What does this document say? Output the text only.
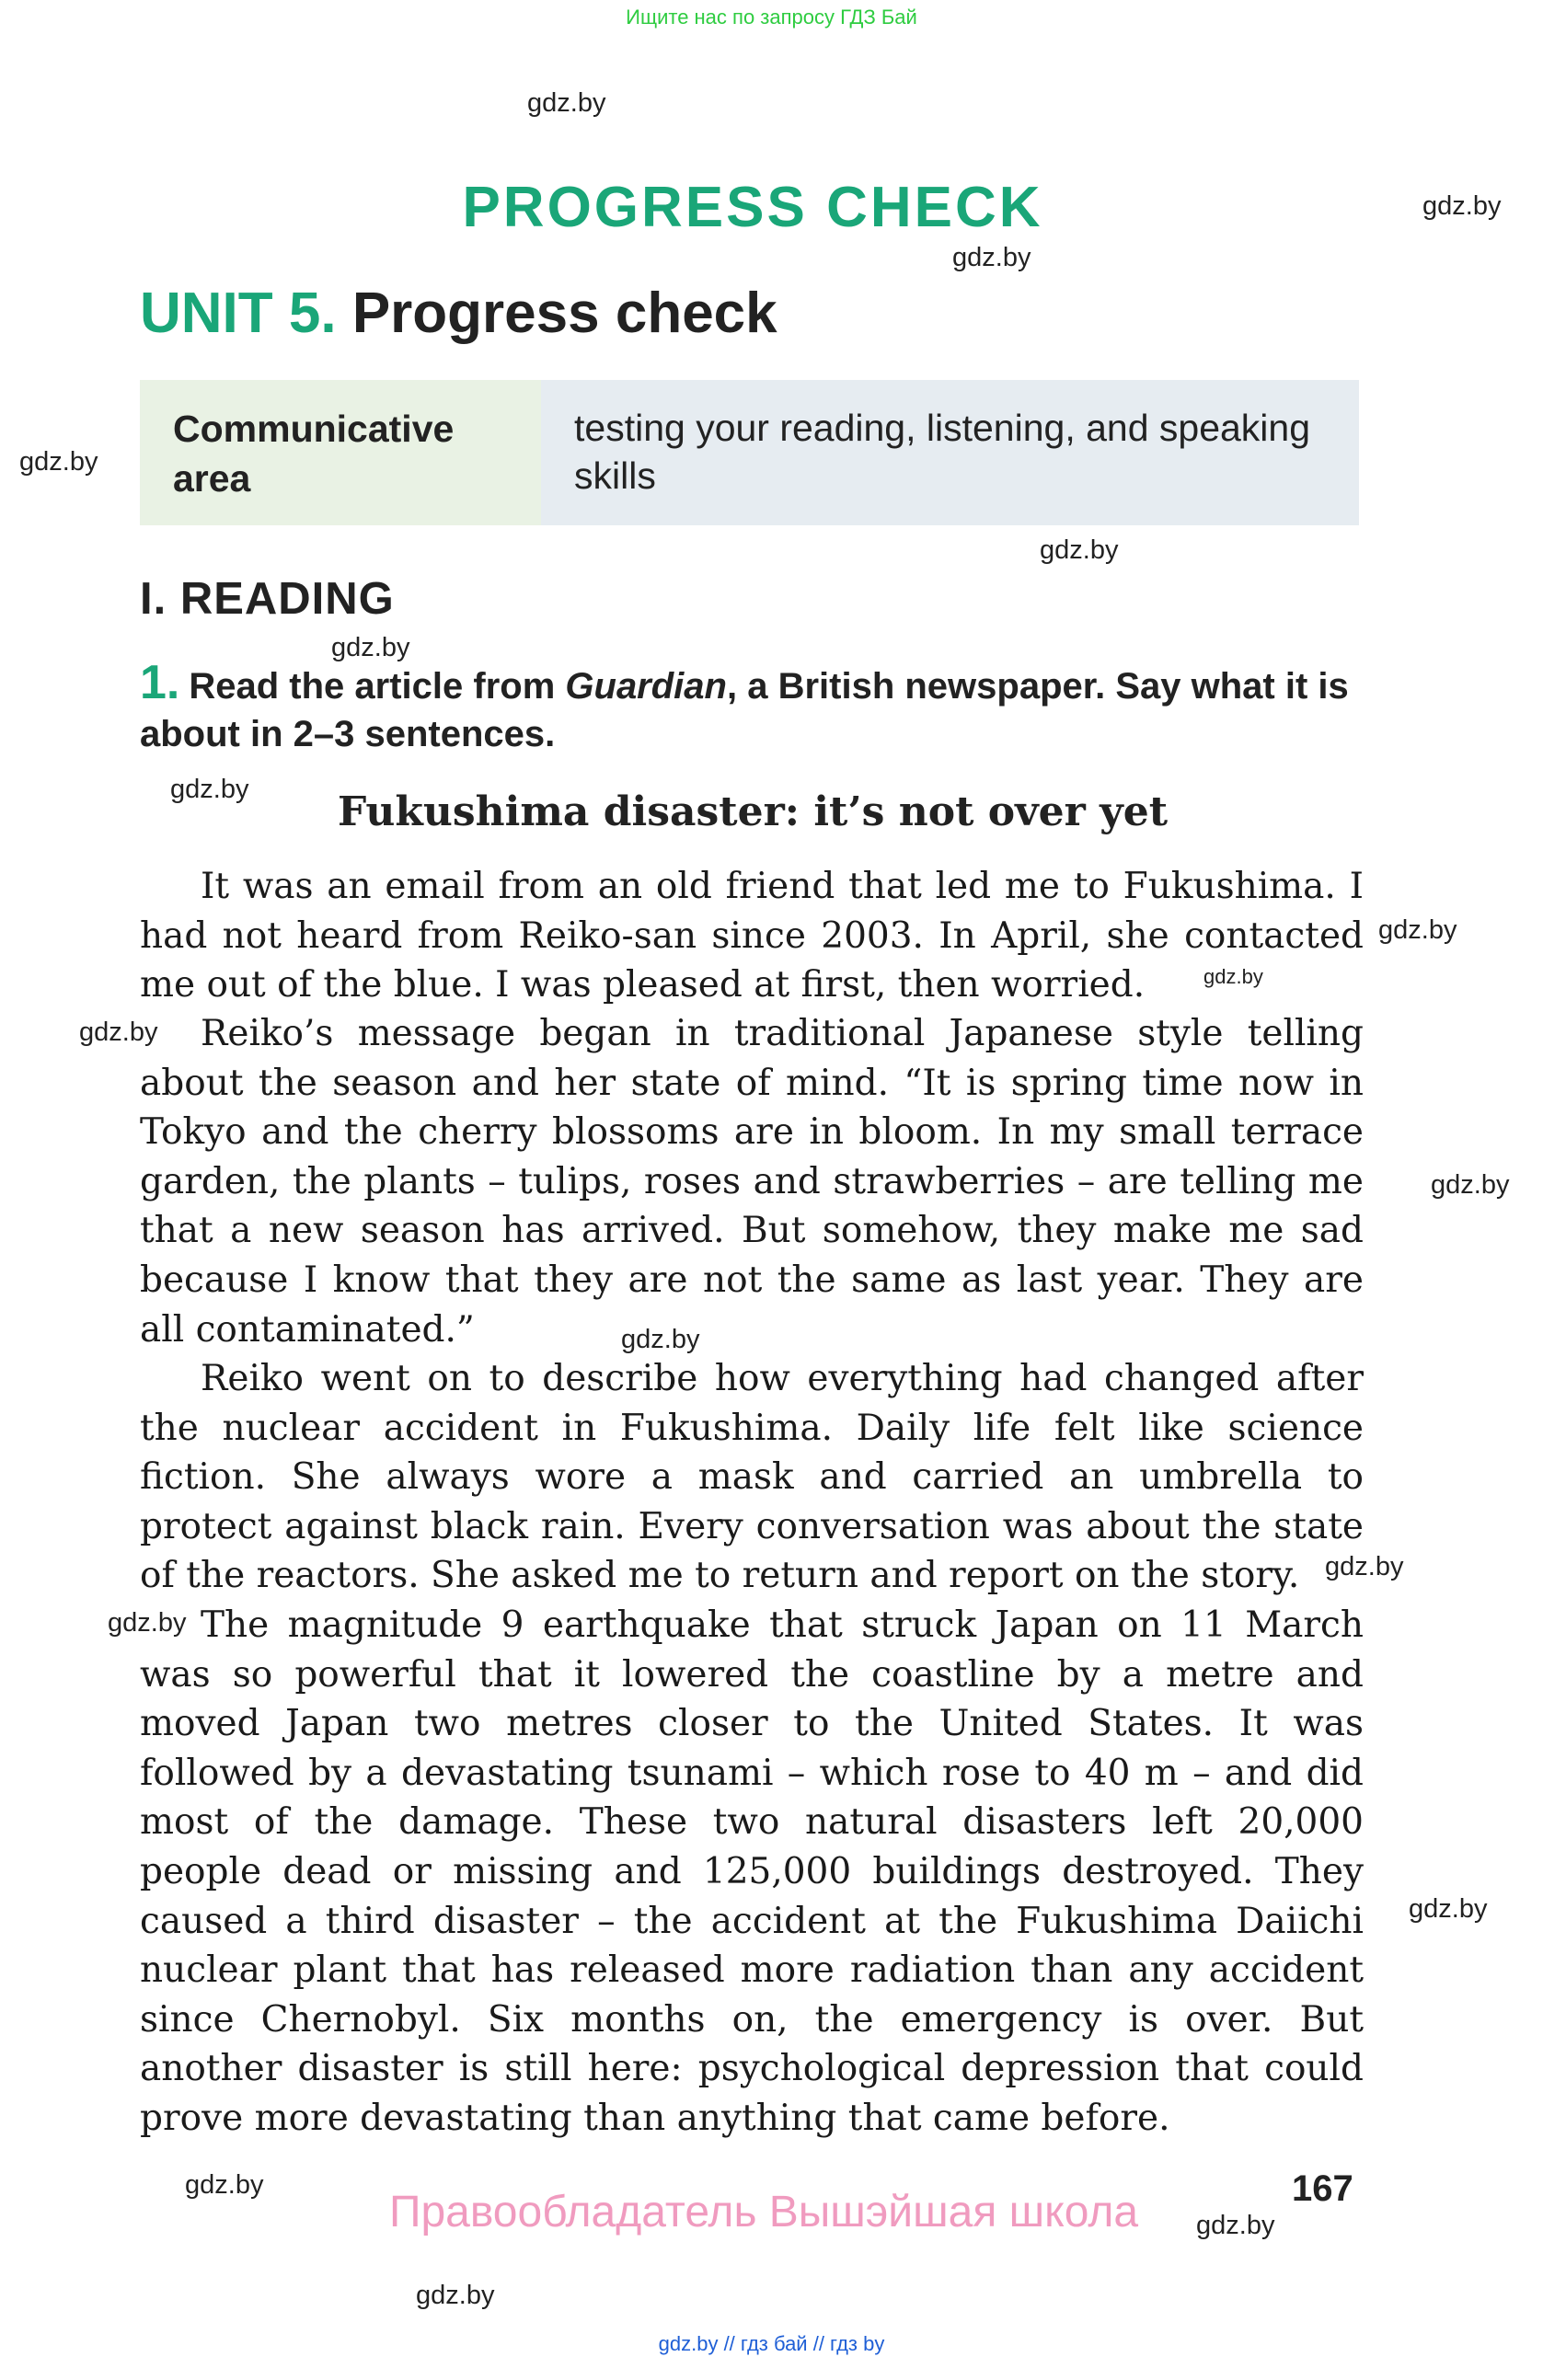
Ищите нас по запросу ГДЗ Бай
PROGRESS CHECK
UNIT 5. Progress check
Communicative area
testing your reading, listening, and speaking skills
I. READING
1. Read the article from Guardian, a British newspaper. Say what it is about in 2–3 sentences.
Fukushima disaster: it’s not over yet

It was an email from an old friend that led me to Fukushima. I had not heard from Reiko-san since 2003. In April, she contacted me out of the blue. I was pleased at first, then worried.

Reiko’s message began in traditional Japanese style telling about the season and her state of mind. “It is spring time now in Tokyo and the cherry blossoms are in bloom. In my small terrace garden, the plants – tulips, roses and strawberries – are telling me that a new season has arrived. But somehow, they make me sad because I know that they are not the same as last year. They are all contaminated.”

Reiko went on to describe how everything had changed after the nuclear accident in Fukushima. Daily life felt like science fiction. She always wore a mask and carried an umbrella to protect against black rain. Every conversation was about the state of the reactors. She asked me to return and report on the story.

The magnitude 9 earthquake that struck Japan on 11 March was so powerful that it lowered the coastline by a metre and moved Japan two metres closer to the United States. It was followed by a devastating tsunami – which rose to 40 m – and did most of the damage. These two natural disasters left 20,000 people dead or missing and 125,000 buildings destroyed. They caused a third disaster – the accident at the Fukushima Daiichi nuclear plant that has released more radiation than any accident since Chernobyl. Six months on, the emergency is over. But another disaster is still here: psychological depression that could prove more devastating than anything that came before.

gdz.by
gdz.by
gdz.by
gdz.by
gdz.by
gdz.by
gdz.by
gdz.by
gdz.by
gdz.by
gdz.by
gdz.by
gdz.by
gdz.by
gdz.by
gdz.by
gdz.by
gdz.by
Правообладатель Вышэйшая школа	167
gdz.by // гдз бай // гдз by
